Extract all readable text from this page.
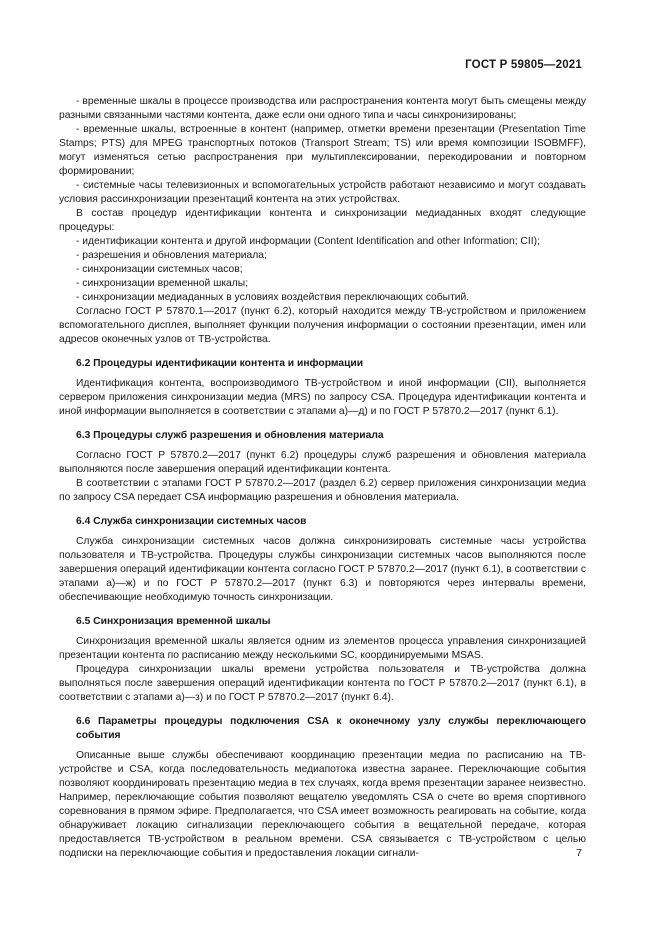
ГОСТ Р 59805—2021

- временные шкалы в процессе производства или распространения контента могут быть смещены между разными связанными частями контента, даже если они одного типа и часы синхронизированы;

- временные шкалы, встроенные в контент (например, отметки времени презентации (Presentation Time Stamps; PTS) для MPEG транспортных потоков (Transport Stream; TS) или время композиции ISOBMFF), могут изменяться сетью распространения при мультиплексировании, перекодировании и повторном формировании;

- системные часы телевизионных и вспомогательных устройств работают независимо и могут создавать условия рассинхронизации презентаций контента на этих устройствах.

В состав процедур идентификации контента и синхронизации медиаданных входят следующие процедуры:

- идентификации контента и другой информации (Content Identification and other Information; CII);

- разрешения и обновления материала;

- синхронизации системных часов;

- синхронизации временной шкалы;

- синхронизации медиаданных в условиях воздействия переключающих событий.

Согласно ГОСТ Р 57870.1—2017 (пункт 6.2), который находится между ТВ-устройством и приложением вспомогательного дисплея, выполняет функции получения информации о состоянии презентации, имен или адресов оконечных узлов от ТВ-устройства.

6.2 Процедуры идентификации контента и информации

Идентификация контента, воспроизводимого ТВ-устройством и иной информации (CII), выполняется сервером приложения синхронизации медиа (MRS) по запросу CSA. Процедура идентификации контента и иной информации выполняется в соответствии с этапами а)—д) и по ГОСТ Р 57870.2—2017 (пункт 6.1).

6.3 Процедуры служб разрешения и обновления материала

Согласно ГОСТ Р 57870.2—2017 (пункт 6.2) процедуры служб разрешения и обновления материала выполняются после завершения операций идентификации контента.

В соответствии с этапами ГОСТ Р 57870.2—2017 (раздел 6.2) сервер приложения синхронизации медиа по запросу CSA передает CSA информацию разрешения и обновления материала.

6.4 Служба синхронизации системных часов

Служба синхронизации системных часов должна синхронизировать системные часы устройства пользователя и ТВ-устройства. Процедуры службы синхронизации системных часов выполняются после завершения операций идентификации контента согласно ГОСТ Р 57870.2—2017 (пункт 6.1), в соответствии с этапами а)—ж) и по ГОСТ Р 57870.2—2017 (пункт 6.3) и повторяются через интервалы времени, обеспечивающие необходимую точность синхронизации.

6.5 Синхронизация временной шкалы

Синхронизация временной шкалы является одним из элементов процесса управления синхронизацией презентации контента по расписанию между несколькими SC, координируемыми MSAS.

Процедура синхронизации шкалы времени устройства пользователя и ТВ-устройства должна выполняться после завершения операций идентификации контента по ГОСТ Р 57870.2—2017 (пункт 6.1), в соответствии с этапами а)—з) и по ГОСТ Р 57870.2—2017 (пункт 6.4).

6.6 Параметры процедуры подключения CSA к оконечному узлу службы переключающего события

Описанные выше службы обеспечивают координацию презентации медиа по расписанию на ТВ-устройстве и CSA, когда последовательность медиапотока известна заранее. Переключающие события позволяют координировать презентацию медиа в тех случаях, когда время презентации заранее неизвестно. Например, переключающие события позволяют вещателю уведомлять CSA о счете во время спортивного соревнования в прямом эфире. Предполагается, что CSA имеет возможность реагировать на событие, когда обнаруживает локацию сигнализации переключающего события в вещательной передаче, которая предоставляется ТВ-устройством в реальном времени. CSA связывается с ТВ-устройством с целью подписки на переключающие события и предоставления локации сигнали-	7
